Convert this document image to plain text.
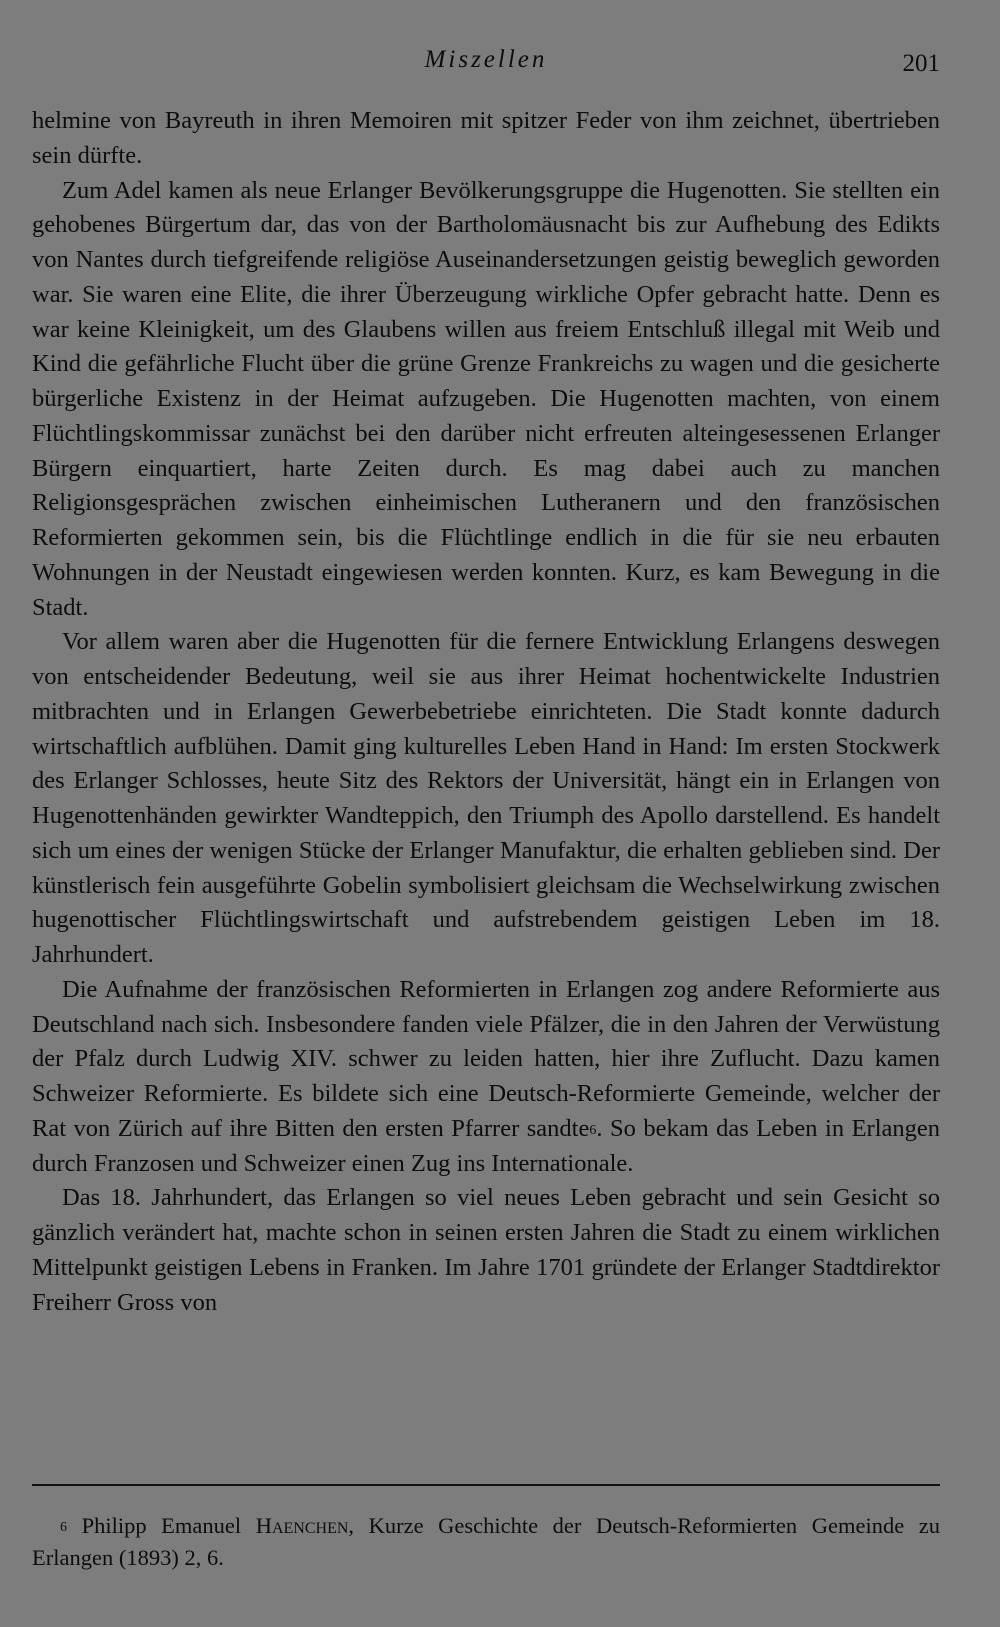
Miszellen	201

helmine von Bayreuth in ihren Memoiren mit spitzer Feder von ihm zeichnet, übertrieben sein dürfte.

Zum Adel kamen als neue Erlanger Bevölkerungsgruppe die Hugenotten. Sie stellten ein gehobenes Bürgertum dar, das von der Bartholomäusnacht bis zur Aufhebung des Edikts von Nantes durch tiefgreifende religiöse Auseinandersetzungen geistig beweglich geworden war. Sie waren eine Elite, die ihrer Überzeugung wirkliche Opfer gebracht hatte. Denn es war keine Kleinigkeit, um des Glaubens willen aus freiem Entschluß illegal mit Weib und Kind die gefährliche Flucht über die grüne Grenze Frankreichs zu wagen und die gesicherte bürgerliche Existenz in der Heimat aufzugeben. Die Hugenotten machten, von einem Flüchtlingskommissar zunächst bei den darüber nicht erfreuten alteingesessenen Erlanger Bürgern einquartiert, harte Zeiten durch. Es mag dabei auch zu manchen Religionsgesprächen zwischen einheimischen Lutheranern und den französischen Reformierten gekommen sein, bis die Flüchtlinge endlich in die für sie neu erbauten Wohnungen in der Neustadt eingewiesen werden konnten. Kurz, es kam Bewegung in die Stadt.

Vor allem waren aber die Hugenotten für die fernere Entwicklung Erlangens deswegen von entscheidender Bedeutung, weil sie aus ihrer Heimat hochentwickelte Industrien mitbrachten und in Erlangen Gewerbebetriebe einrichteten. Die Stadt konnte dadurch wirtschaftlich aufblühen. Damit ging kulturelles Leben Hand in Hand: Im ersten Stockwerk des Erlanger Schlosses, heute Sitz des Rektors der Universität, hängt ein in Erlangen von Hugenottenhänden gewirkter Wandteppich, den Triumph des Apollo darstellend. Es handelt sich um eines der wenigen Stücke der Erlanger Manufaktur, die erhalten geblieben sind. Der künstlerisch fein ausgeführte Gobelin symbolisiert gleichsam die Wechselwirkung zwischen hugenottischer Flüchtlingswirtschaft und aufstrebendem geistigen Leben im 18. Jahrhundert.

Die Aufnahme der französischen Reformierten in Erlangen zog andere Reformierte aus Deutschland nach sich. Insbesondere fanden viele Pfälzer, die in den Jahren der Verwüstung der Pfalz durch Ludwig XIV. schwer zu leiden hatten, hier ihre Zuflucht. Dazu kamen Schweizer Reformierte. Es bildete sich eine Deutsch-Reformierte Gemeinde, welcher der Rat von Zürich auf ihre Bitten den ersten Pfarrer sandte$^6$. So bekam das Leben in Erlangen durch Franzosen und Schweizer einen Zug ins Internationale.

Das 18. Jahrhundert, das Erlangen so viel neues Leben gebracht und sein Gesicht so gänzlich verändert hat, machte schon in seinen ersten Jahren die Stadt zu einem wirklichen Mittelpunkt geistigen Lebens in Franken. Im Jahre 1701 gründete der Erlanger Stadtdirektor Freiherr Gross von

$^6$ Philipp Emanuel Haenchen, Kurze Geschichte der Deutsch-Reformierten Gemeinde zu Erlangen (1893) 2, 6.
